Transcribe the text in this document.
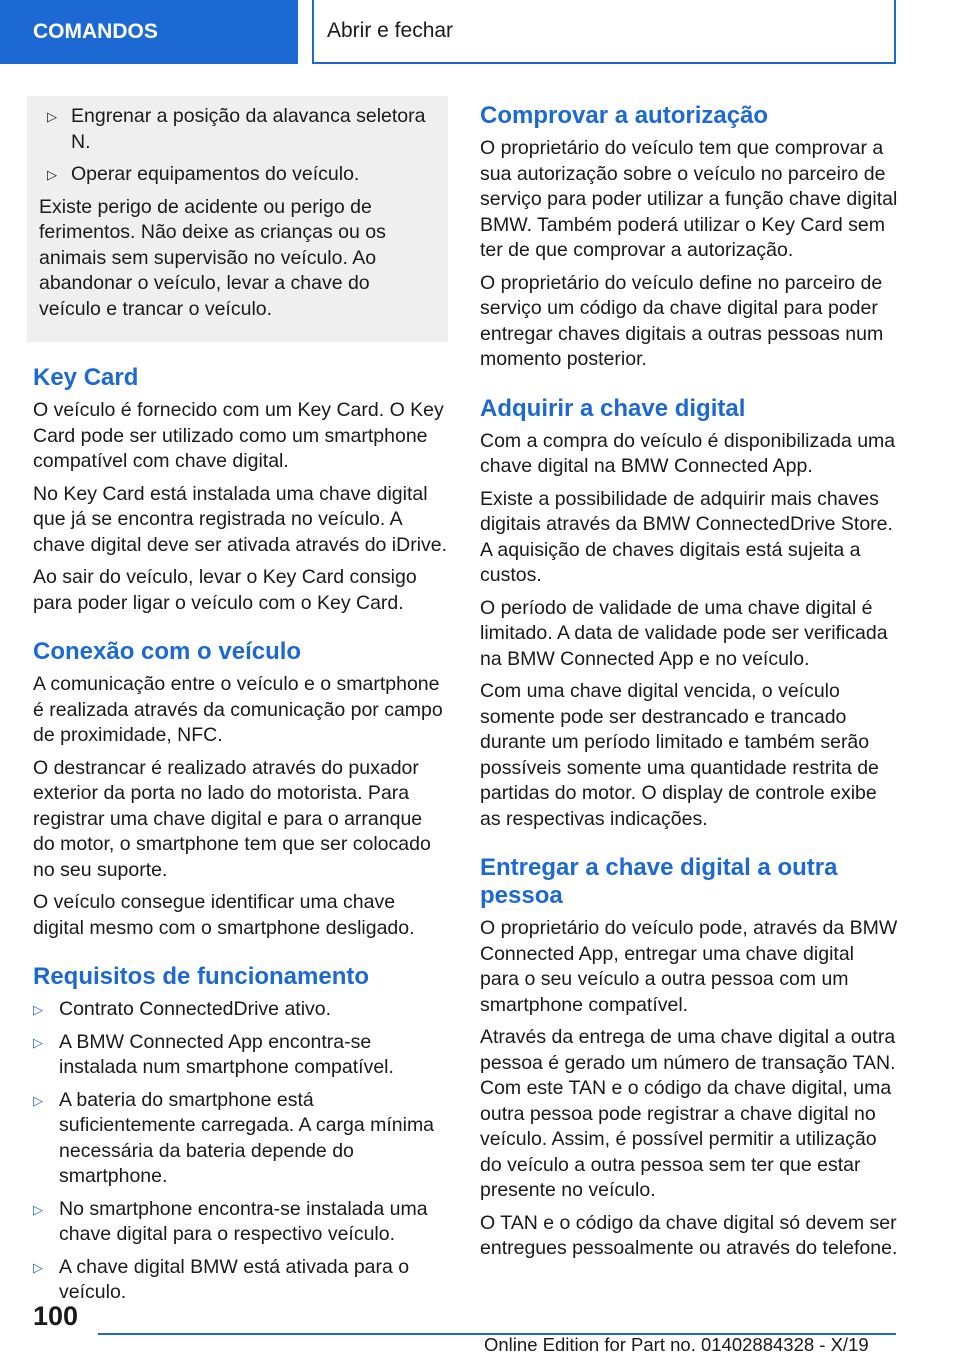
COMANDOS	Abrir e fechar
▷ Engrenar a posição da alavanca seletora N.
▷ Operar equipamentos do veículo.

Existe perigo de acidente ou perigo de ferimentos. Não deixe as crianças ou os animais sem supervisão no veículo. Ao abandonar o veículo, levar a chave do veículo e trancar o veículo.

Key Card

O veículo é fornecido com um Key Card. O Key Card pode ser utilizado como um smartphone compatível com chave digital.

No Key Card está instalada uma chave digital que já se encontra registrada no veículo. A chave digital deve ser ativada através do iDrive.

Ao sair do veículo, levar o Key Card consigo para poder ligar o veículo com o Key Card.

Conexão com o veículo

A comunicação entre o veículo e o smartphone é realizada através da comunicação por campo de proximidade, NFC.

O destrancar é realizado através do puxador exterior da porta no lado do motorista. Para registrar uma chave digital e para o arranque do motor, o smartphone tem que ser colocado no seu suporte.

O veículo consegue identificar uma chave digital mesmo com o smartphone desligado.

Requisitos de funcionamento
▷ Contrato ConnectedDrive ativo.
▷ A BMW Connected App encontra-se instalada num smartphone compatível.
▷ A bateria do smartphone está suficientemente carregada. A carga mínima necessária da bateria depende do smartphone.
▷ No smartphone encontra-se instalada uma chave digital para o respectivo veículo.
▷ A chave digital BMW está ativada para o veículo.
Comprovar a autorização

O proprietário do veículo tem que comprovar a sua autorização sobre o veículo no parceiro de serviço para poder utilizar a função chave digital BMW. Também poderá utilizar o Key Card sem ter de que comprovar a autorização.

O proprietário do veículo define no parceiro de serviço um código da chave digital para poder entregar chaves digitais a outras pessoas num momento posterior.

Adquirir a chave digital

Com a compra do veículo é disponibilizada uma chave digital na BMW Connected App.

Existe a possibilidade de adquirir mais chaves digitais através da BMW ConnectedDrive Store. A aquisição de chaves digitais está sujeita a custos.

O período de validade de uma chave digital é limitado. A data de validade pode ser verificada na BMW Connected App e no veículo.

Com uma chave digital vencida, o veículo somente pode ser destrancado e trancado durante um período limitado e também serão possíveis somente uma quantidade restrita de partidas do motor. O display de controle exibe as respectivas indicações.

Entregar a chave digital a outra pessoa

O proprietário do veículo pode, através da BMW Connected App, entregar uma chave digital para o seu veículo a outra pessoa com um smartphone compatível.

Através da entrega de uma chave digital a outra pessoa é gerado um número de transação TAN. Com este TAN e o código da chave digital, uma outra pessoa pode registrar a chave digital no veículo. Assim, é possível permitir a utilização do veículo a outra pessoa sem ter que estar presente no veículo.

O TAN e o código da chave digital só devem ser entregues pessoalmente ou através do telefone.

100
Online Edition for Part no. 01402884328 - X/19
